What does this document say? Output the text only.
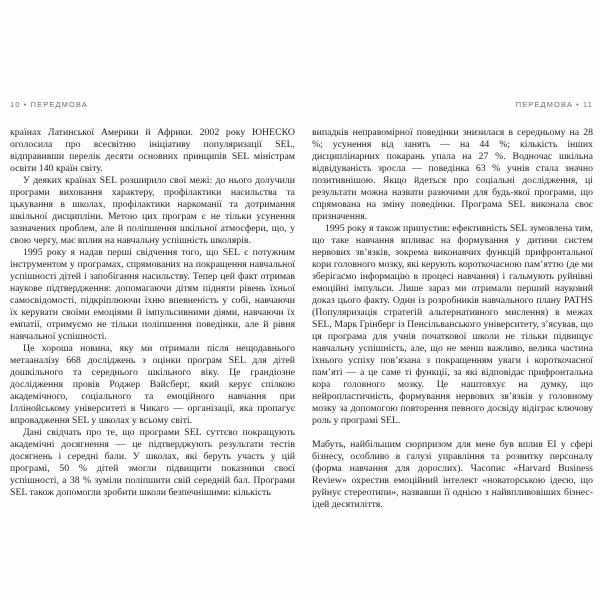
10 • ПЕРЕДМОВА
країнах Латинської Америки й Африки. 2002 року ЮНЕСКО оголосила про всесвітню ініціативу популяризації SEL, відправивши перелік десяти основних принципів SEL міністрам освіти 140 країн світу.
У деяких країнах SEL розширило свої межі: до нього долучили програми виховання характеру, профілактики насильства та цькування в школах, профілактики наркоманії та дотримання шкільної дисципліни. Метою цих програм є не тільки усунення зазначених проблем, але й поліпшення шкільної атмосфери, що, у свою чергу, має вплив на навчальну успішність школярів.
1995 року я надав перші свідчення того, що SEL є потужним інструментом у програмах, спрямованих на покращення навчальної успішності дітей і запобігання насильству. Тепер цей факт отримав наукове підтвердження: допомагаючи дітям підняти рівень їхньої самосвідомості, підкріплюючи їхню впевненість у собі, навчаючи їх керувати своїми емоціями й імпульсивними діями, навчаючи їх емпатії, отримуємо не тільки поліпшення поведінки, але й рівня навчальної успішності.
Це хороша новина, яку ми отримали після нещодавнього метааналізу 668 досліджень з оцінки програм SEL для дітей дошкільного та середнього шкільного віку. Це грандіозне дослідження провів Роджер Вайсберг, який керує спілкою академічного, соціального та емоційного навчання при Іллінойському університеті в Чикаго — організації, яка пропагує впровадження SEL у школах у всьому світі.
Дані свідчать про те, що програми SEL суттєво покращують академічні досягнення — це підтверджують результати тестів досягнень і середні бали. У школах, які беруть участь у цій програмі, 50 % дітей змогли підвищити показники своєї успішності, а 38 % зуміли поліпшити свій середній бал. Програми SEL також допомогли зробити школи безпечнішими: кількість
ПЕРЕДМОВА • 11
випадків неправомірної поведінки знизилася в середньому на 28 %; усунення від занять — на 44 %; кількість інших дисциплінарних покарань упала на 27 %. Водночас шкільна відвідуваність зросла — поведінка 63 % учнів стала значно позитивнішою. Якщо йдеться про соціальні дослідження, ці результати можна назвати разючими для будь-якої програми, що спрямована на зміну поведінки. Програма SEL виконала своє призначення.
1995 року я також припустив: ефективність SEL зумовлена тим, що таке навчання впливає на формування у дитини систем нервових зв’язків, зокрема виконавчих функцій прифронтальної кори головного мозку, які керують короткочасною пам’яттю (де ми зберігаємо інформацію в процесі навчання) і гальмують руйнівні емоційні імпульси. Лише зараз ми отримали перший науковий доказ цього факту. Один із розробників навчального плану PATHS (Популяризація стратегій альтернативного мислення) в межах SEL, Марк Грінберг із Пенсільванського університету, з’ясував, що ця програма для учнів початкової школи не тільки підвищує навчальну успішність, але, що не менш важливо, велика частина їхнього успіху пов’язана з покращенням уваги і короткочасної пам’яті — а це саме ті функції, за які відповідає прифронтальна кора головного мозку. Це наштовхує на думку, що нейропластичність, формування нервових зв’язків у головному мозку за допомогою повторення певного досвіду відіграє ключову роль у програмі SEL.
Мабуть, найбільшим сюрпризом для мене був вплив EI у сфері бізнесу, особливо в галузі управління та розвитку персоналу (форма навчання для дорослих). Часопис «Harvard Business Review» охрестив емоційний інтелект «новаторською ідеєю, що руйнує стереотипи», назвавши її однією з найвпливовіших бізнес-ідей десятиліття.
